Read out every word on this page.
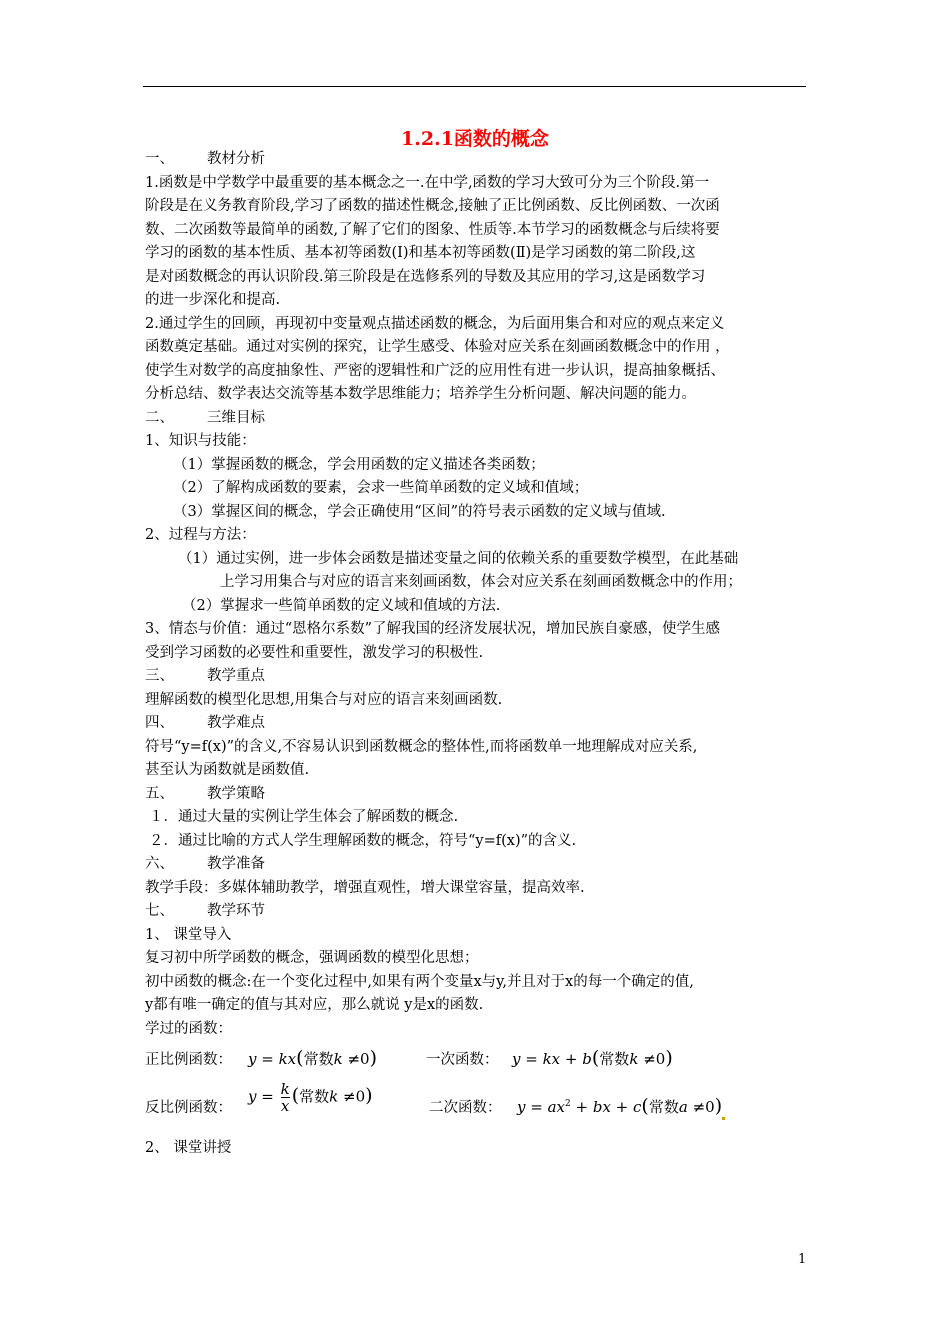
1.2.1函数的概念
一、 教材分析
1.函数是中学数学中最重要的基本概念之一.在中学,函数的学习大致可分为三个阶段.第一
阶段是在义务教育阶段,学习了函数的描述性概念,接触了正比例函数、反比例函数、一次函
数、二次函数等最简单的函数,了解了它们的图象、性质等.本节学习的函数概念与后续将要
学习的函数的基本性质、基本初等函数(Ⅰ)和基本初等函数(Ⅱ)是学习函数的第二阶段,这
是对函数概念的再认识阶段.第三阶段是在选修系列的导数及其应用的学习,这是函数学习
的进一步深化和提高.
2.通过学生的回顾，再现初中变量观点描述函数的概念，为后面用集合和对应的观点来定义
函数奠定基础。通过对实例的探究，让学生感受、体验对应关系在刻画函数概念中的作用 ，
使学生对数学的高度抽象性、严密的逻辑性和广泛的应用性有进一步认识，提高抽象概括、
分析总结、数学表达交流等基本数学思维能力；培养学生分析问题、解决问题的能力。
二、 三维目标
1、知识与技能：
（1）掌握函数的概念，学会用函数的定义描述各类函数；
（2）了解构成函数的要素，会求一些简单函数的定义域和值域；
（3）掌握区间的概念，学会正确使用“区间”的符号表示函数的定义域与值域.
2、过程与方法：
（1）通过实例，进一步体会函数是描述变量之间的依赖关系的重要数学模型，在此基础
上学习用集合与对应的语言来刻画函数，体会对应关系在刻画函数概念中的作用；
（2）掌握求一些简单函数的定义域和值域的方法.
3、情态与价值：通过“恩格尔系数”了解我国的经济发展状况，增加民族自豪感，使学生感
受到学习函数的必要性和重要性，激发学习的积极性.
三、 教学重点
理解函数的模型化思想,用集合与对应的语言来刻画函数.
四、 教学难点
符号“y=f(x)”的含义,不容易认识到函数概念的整体性,而将函数单一地理解成对应关系,
甚至认为函数就是函数值.
五、 教学策略
１．通过大量的实例让学生体会了解函数的概念.
２．通过比喻的方式人学生理解函数的概念，符号“y=f(x)”的含义.
六、 教学准备
教学手段：多媒体辅助教学，增强直观性，增大课堂容量，提高效率.
七、 教学环节
1、 课堂导入
复习初中所学函数的概念，强调函数的模型化思想；
初中函数的概念:在一个变化过程中,如果有两个变量x与y,并且对于x的每一个确定的值,
y都有唯一确定的值与其对应，那么就说 y是x的函数.
学过的函数：
正比例函数： y = kx(常数k ≠0)	一次函数： y = kx + b(常数k ≠0)
反比例函数：
$y = \frac{k}{x}$ (常数k ≠0)
二次函数： $y = ax^2$ + bx + c(常数a ≠0)
2、 课堂讲授
1
